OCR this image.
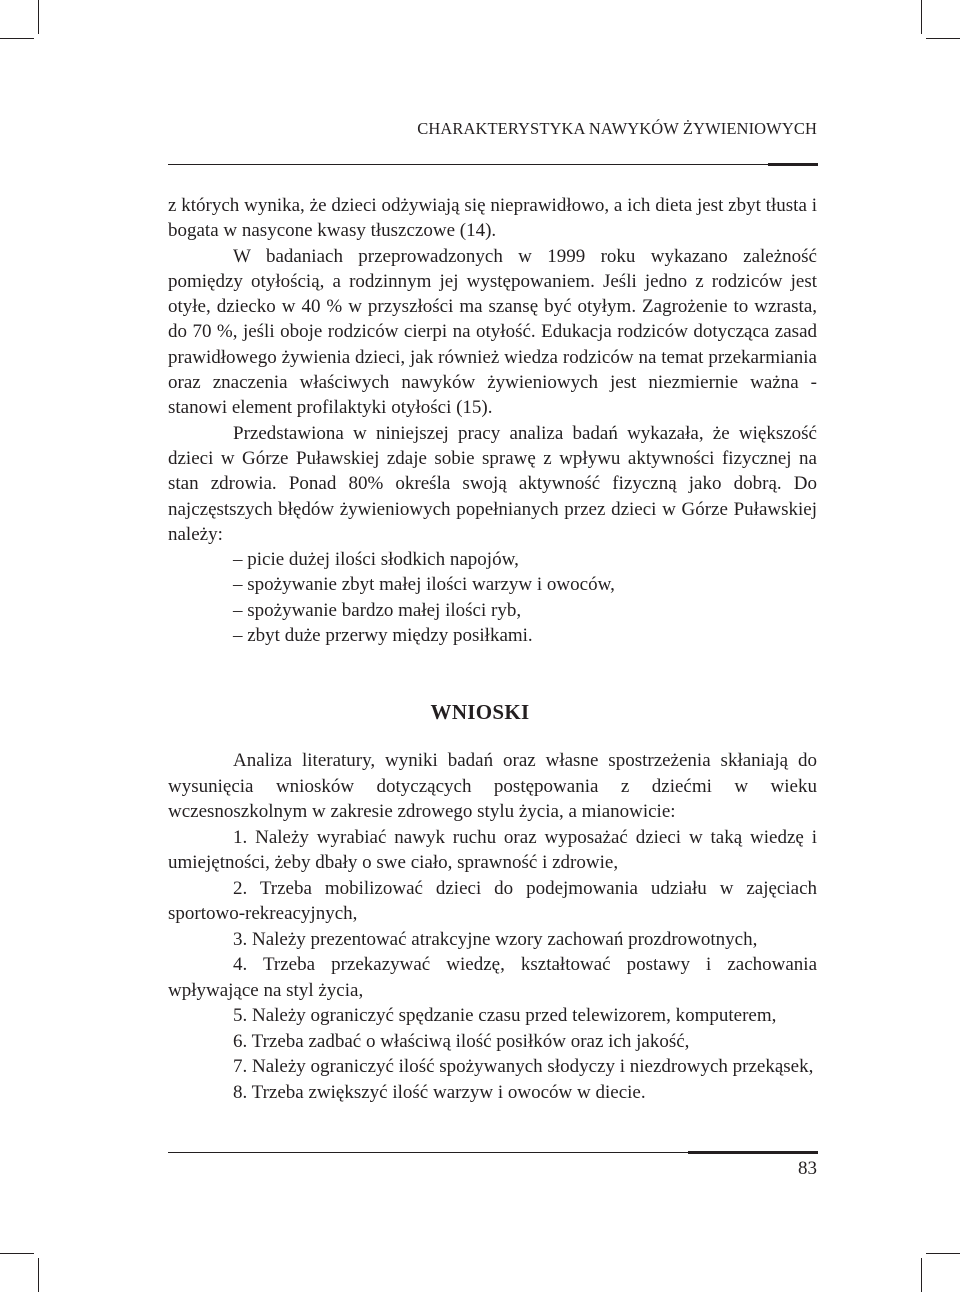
CHARAKTERYSTYKA NAWYKÓW ŻYWIENIOWYCH

z których wynika, że dzieci odżywiają się nieprawidłowo, a ich dieta jest zbyt tłusta i bogata w nasycone kwasy tłuszczowe (14).

W badaniach przeprowadzonych w 1999 roku wykazano zależność pomiędzy otyłością, a rodzinnym jej występowaniem. Jeśli jedno z rodziców jest otyłe, dziecko w 40 % w przyszłości ma szansę być otyłym. Zagrożenie to wzrasta, do 70 %, jeśli oboje rodziców cierpi na otyłość. Edukacja rodziców dotycząca zasad prawidłowego żywienia dzieci, jak również wiedza rodziców na temat przekarmiania oraz znaczenia właściwych nawyków żywieniowych jest niezmiernie ważna - stanowi element profilaktyki otyłości (15).

Przedstawiona w niniejszej pracy analiza badań wykazała, że większość dzieci w Górze Puławskiej zdaje sobie sprawę z wpływu aktywności fizycznej na stan zdrowia. Ponad 80% określa swoją aktywność fizyczną jako dobrą. Do najczęstszych błędów żywieniowych popełnianych przez dzieci w Górze Puławskiej należy:

– picie dużej ilości słodkich napojów,
– spożywanie zbyt małej ilości warzyw i owoców,
– spożywanie bardzo małej ilości ryb,
– zbyt duże przerwy między posiłkami.
WNIOSKI

Analiza literatury, wyniki badań oraz własne spostrzeżenia skłaniają do wysunięcia wniosków dotyczących postępowania z dziećmi w wieku wczesnoszkolnym w zakresie zdrowego stylu życia, a mianowicie:

1. Należy wyrabiać nawyk ruchu oraz wyposażać dzieci w taką wiedzę i umiejętności, żeby dbały o swe ciało, sprawność i zdrowie,

2. Trzeba mobilizować dzieci do podejmowania udziału w zajęciach sportowo-rekreacyjnych,

3. Należy prezentować atrakcyjne wzory zachowań prozdrowotnych,

4. Trzeba przekazywać wiedzę, kształtować postawy i zachowania wpływające na styl życia,

5. Należy ograniczyć spędzanie czasu przed telewizorem, komputerem,

6. Trzeba zadbać o właściwą ilość posiłków oraz ich jakość,

7. Należy ograniczyć ilość spożywanych słodyczy i niezdrowych przekąsek,

8. Trzeba zwiększyć ilość warzyw i owoców w diecie.

83
